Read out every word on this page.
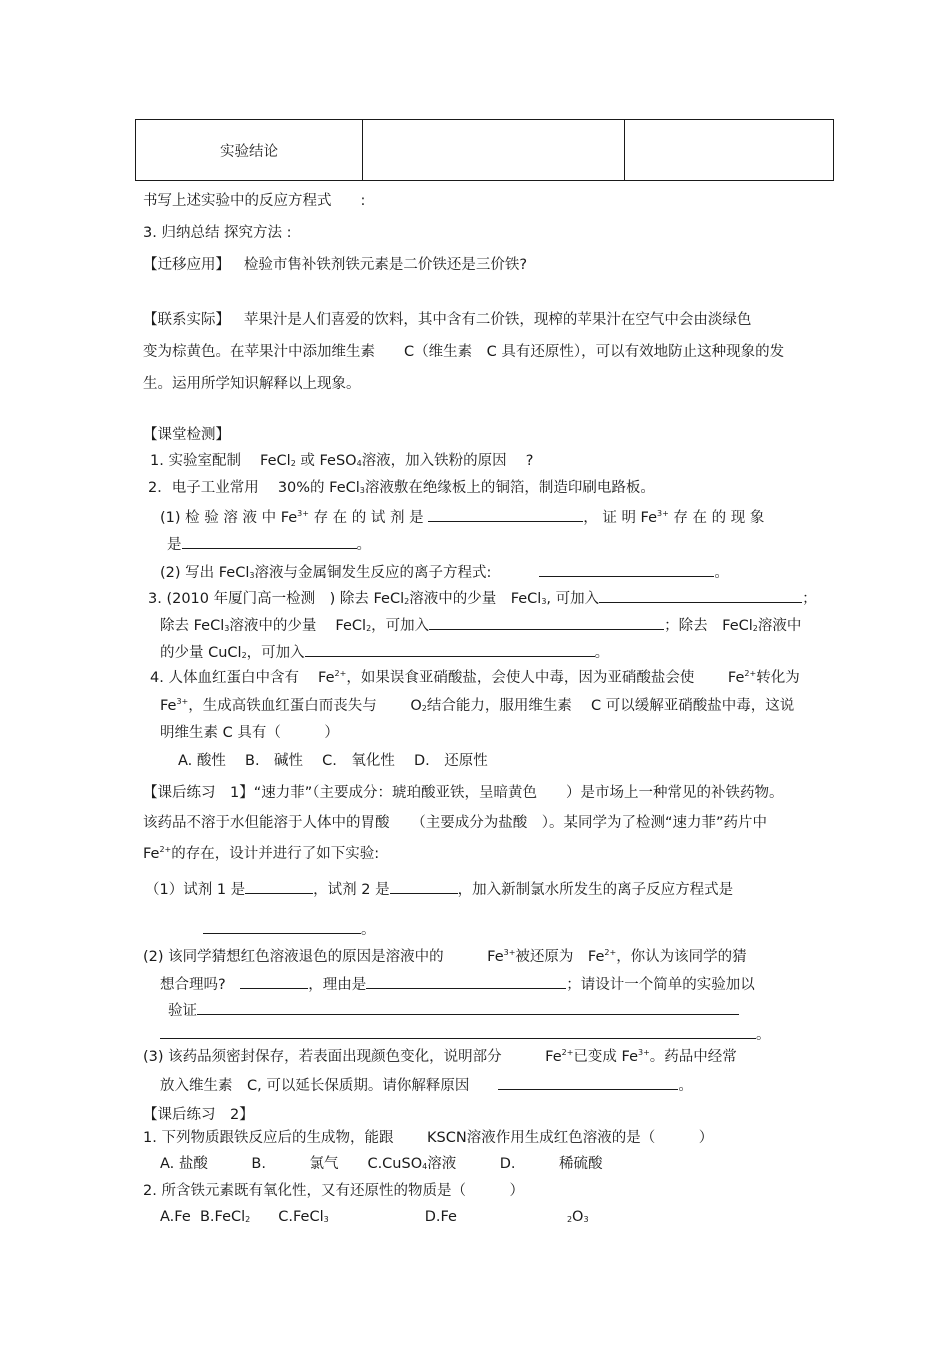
实验结论		
书写上述实验中的反应方程式　　:
3. 归纳总结 探究方法 :
【迁移应用】 检验市售补铁剂铁元素是二价铁还是三价铁?
【联系实际】 苹果汁是人们喜爱的饮料，其中含有二价铁，现榨的苹果汁在空气中会由淡绿色
变为棕黄色。在苹果汁中添加维生素　　C（维生素　C 具有还原性），可以有效地防止这种现象的发
生。运用所学知识解释以上现象。
【课堂检测】
1. 实验室配制　 FeCl$_2$ 或 FeSO$_4$溶液，加入铁粉的原因　 ?
2．电子工业常用　 30%的 FeCl$_3$溶液敷在绝缘板上的铜箔，制造印刷电路板。
(1) 检 验 溶 液 中 $Fe^{3+}$ 存 在 的 试 剂 是	， 证 明 $Fe^{3+}$ 存 在 的 现 象
是	。
(2) 写出 FeCl$_3$溶液与金属铜发生反应的离子方程式:	。
3. (2010 年厦门高一检测　) 除去 FeCl$_2$溶液中的少量　FeCl$_3$, 可加入	；
除去 FeCl$_3$溶液中的少量　 FeCl$_2$，可加入	；除去　FeCl$_2$溶液中
的少量 CuCl$_2$，可加入	。
4. 人体血红蛋白中含有　 $Fe^{2+}$，如果误食亚硝酸盐，会使人中毒，因为亚硝酸盐会使　　 $Fe^{2+}$转化为
$Fe^{3+}$，生成高铁血红蛋白而丧失与　　 $O_2$结合能力，服用维生素　 C 可以缓解亚硝酸盐中毒，这说
明维生素 C 具有（　　　）
A. 酸性　 B.　碱性　 C.　氧化性　 D.　还原性
【课后练习　1】“速力菲”（主要成分：琥珀酸亚铁，呈暗黄色　　）是市场上一种常见的补铁药物。
该药品不溶于水但能溶于人体中的胃酸　　（主要成分为盐酸　）。某同学为了检测“速力菲”药片中
$Fe^{2+}$的存在，设计并进行了如下实验:
（1）试剂 1 是	，试剂 2 是	，加入新制氯水所发生的离子反应方程式是
。
(2) 该同学猜想红色溶液退色的原因是溶液中的　　　$Fe^{3+}$被还原为　$Fe^{2+}$，你认为该同学的猜
想合理吗?　	，理由是	；请设计一个简单的实验加以
验证
。
(3) 该药品须密封保存，若表面出现颜色变化，说明部分　　　$Fe^{2+}$已变成 $Fe^{3+}$。药品中经常
放入维生素　C, 可以延长保质期。请你解释原因　　	。
【课后练习　2】
1. 下列物质跟铁反应后的生成物，能跟　　 KSCN溶液作用生成红色溶液的是（　　　）
A. 盐酸　　　B.　　　氯气　　C.CuSO$_4$溶液　　　D.　　　稀硫酸
2. 所含铁元素既有氧化性，又有还原性的物质是（　　　）
A.Fe B.FeCl$_2$ C.FeCl$_3$	D.Fe	$_2O_3$
